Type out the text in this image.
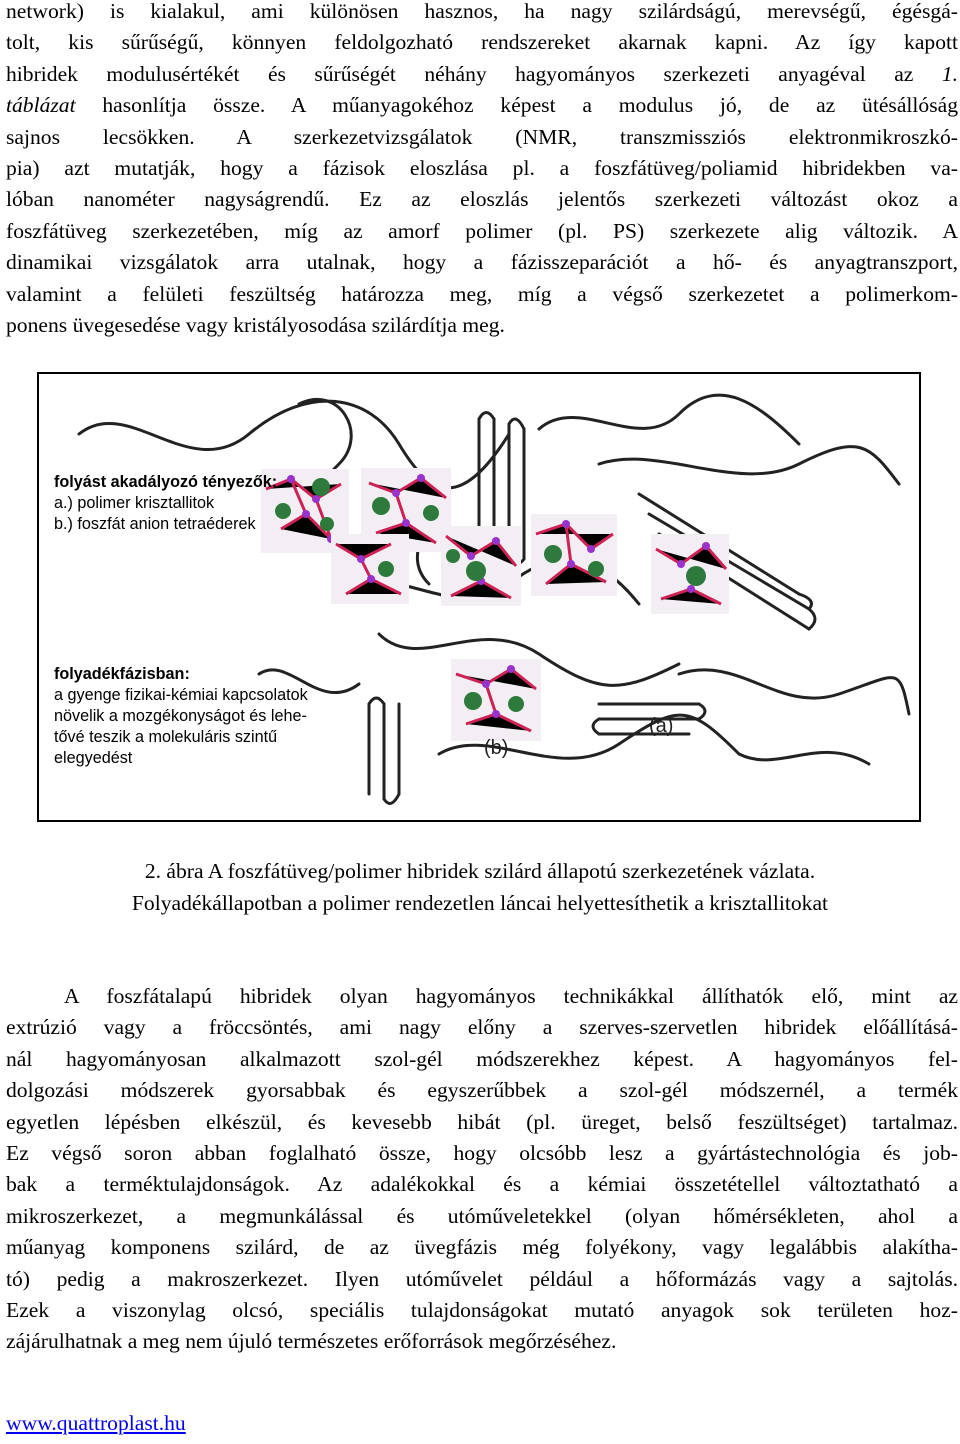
network) is kialakul, ami különösen hasznos, ha nagy szilárdságú, merevségű, égésgá-
tolt, kis sűrűségű, könnyen feldolgozható rendszereket akarnak kapni. Az így kapott
hibridek modulusértékét és sűrűségét néhány hagyományos szerkezeti anyagéval az 1.
táblázat hasonlítja össze. A műanyagokéhoz képest a modulus jó, de az ütésállóság
sajnos lecsökken. A szerkezetvizsgálatok (NMR, transzmissziós elektronmikroszkó-
pia) azt mutatják, hogy a fázisok eloszlása pl. a foszfátüveg/poliamid hibridekben va-
lóban nanométer nagyságrendű. Ez az eloszlás jelentős szerkezeti változást okoz a
foszfátüveg szerkezetében, míg az amorf polimer (pl. PS) szerkezete alig változik. A
dinamikai vizsgálatok arra utalnak, hogy a fázisszeparációt a hő- és anyagtranszport,
valamint a felületi feszültség határozza meg, míg a végső szerkezetet a polimerkom-
ponens üvegesedése vagy kristályosodása szilárdítja meg.
(a)
(b)
folyást akadályozó tényezők:
a.) polimer krisztallitok
b.) foszfát anion tetraéderek
folyadékfázisban:
a gyenge fizikai-kémiai kapcsolatok
növelik a mozgékonyságot és lehe-
tővé teszik a molekuláris szintű
elegyedést
2. ábra A foszfátüveg/polimer hibridek szilárd állapotú szerkezetének vázlata.
Folyadékállapotban a polimer rendezetlen láncai helyettesíthetik a krisztallitokat
A foszfátalapú hibridek olyan hagyományos technikákkal állíthatók elő, mint az
extrúzió vagy a fröccsöntés, ami nagy előny a szerves-szervetlen hibridek előállításá-
nál hagyományosan alkalmazott szol-gél módszerekhez képest. A hagyományos fel-
dolgozási módszerek gyorsabbak és egyszerűbbek a szol-gél módszernél, a termék
egyetlen lépésben elkészül, és kevesebb hibát (pl. üreget, belső feszültséget) tartalmaz.
Ez végső soron abban foglalható össze, hogy olcsóbb lesz a gyártástechnológia és job-
bak a terméktulajdonságok. Az adalékokkal és a kémiai összetétellel változtatható a
mikroszerkezet, a megmunkálással és utóműveletekkel (olyan hőmérsékleten, ahol a
műanyag komponens szilárd, de az üvegfázis még folyékony, vagy legalábbis alakítha-
tó) pedig a makroszerkezet. Ilyen utóművelet például a hőformázás vagy a sajtolás.
Ezek a viszonylag olcsó, speciális tulajdonságokat mutató anyagok sok területen hoz-
zájárulhatnak a meg nem újuló természetes erőforrások megőrzéséhez.
www.quattroplast.hu
